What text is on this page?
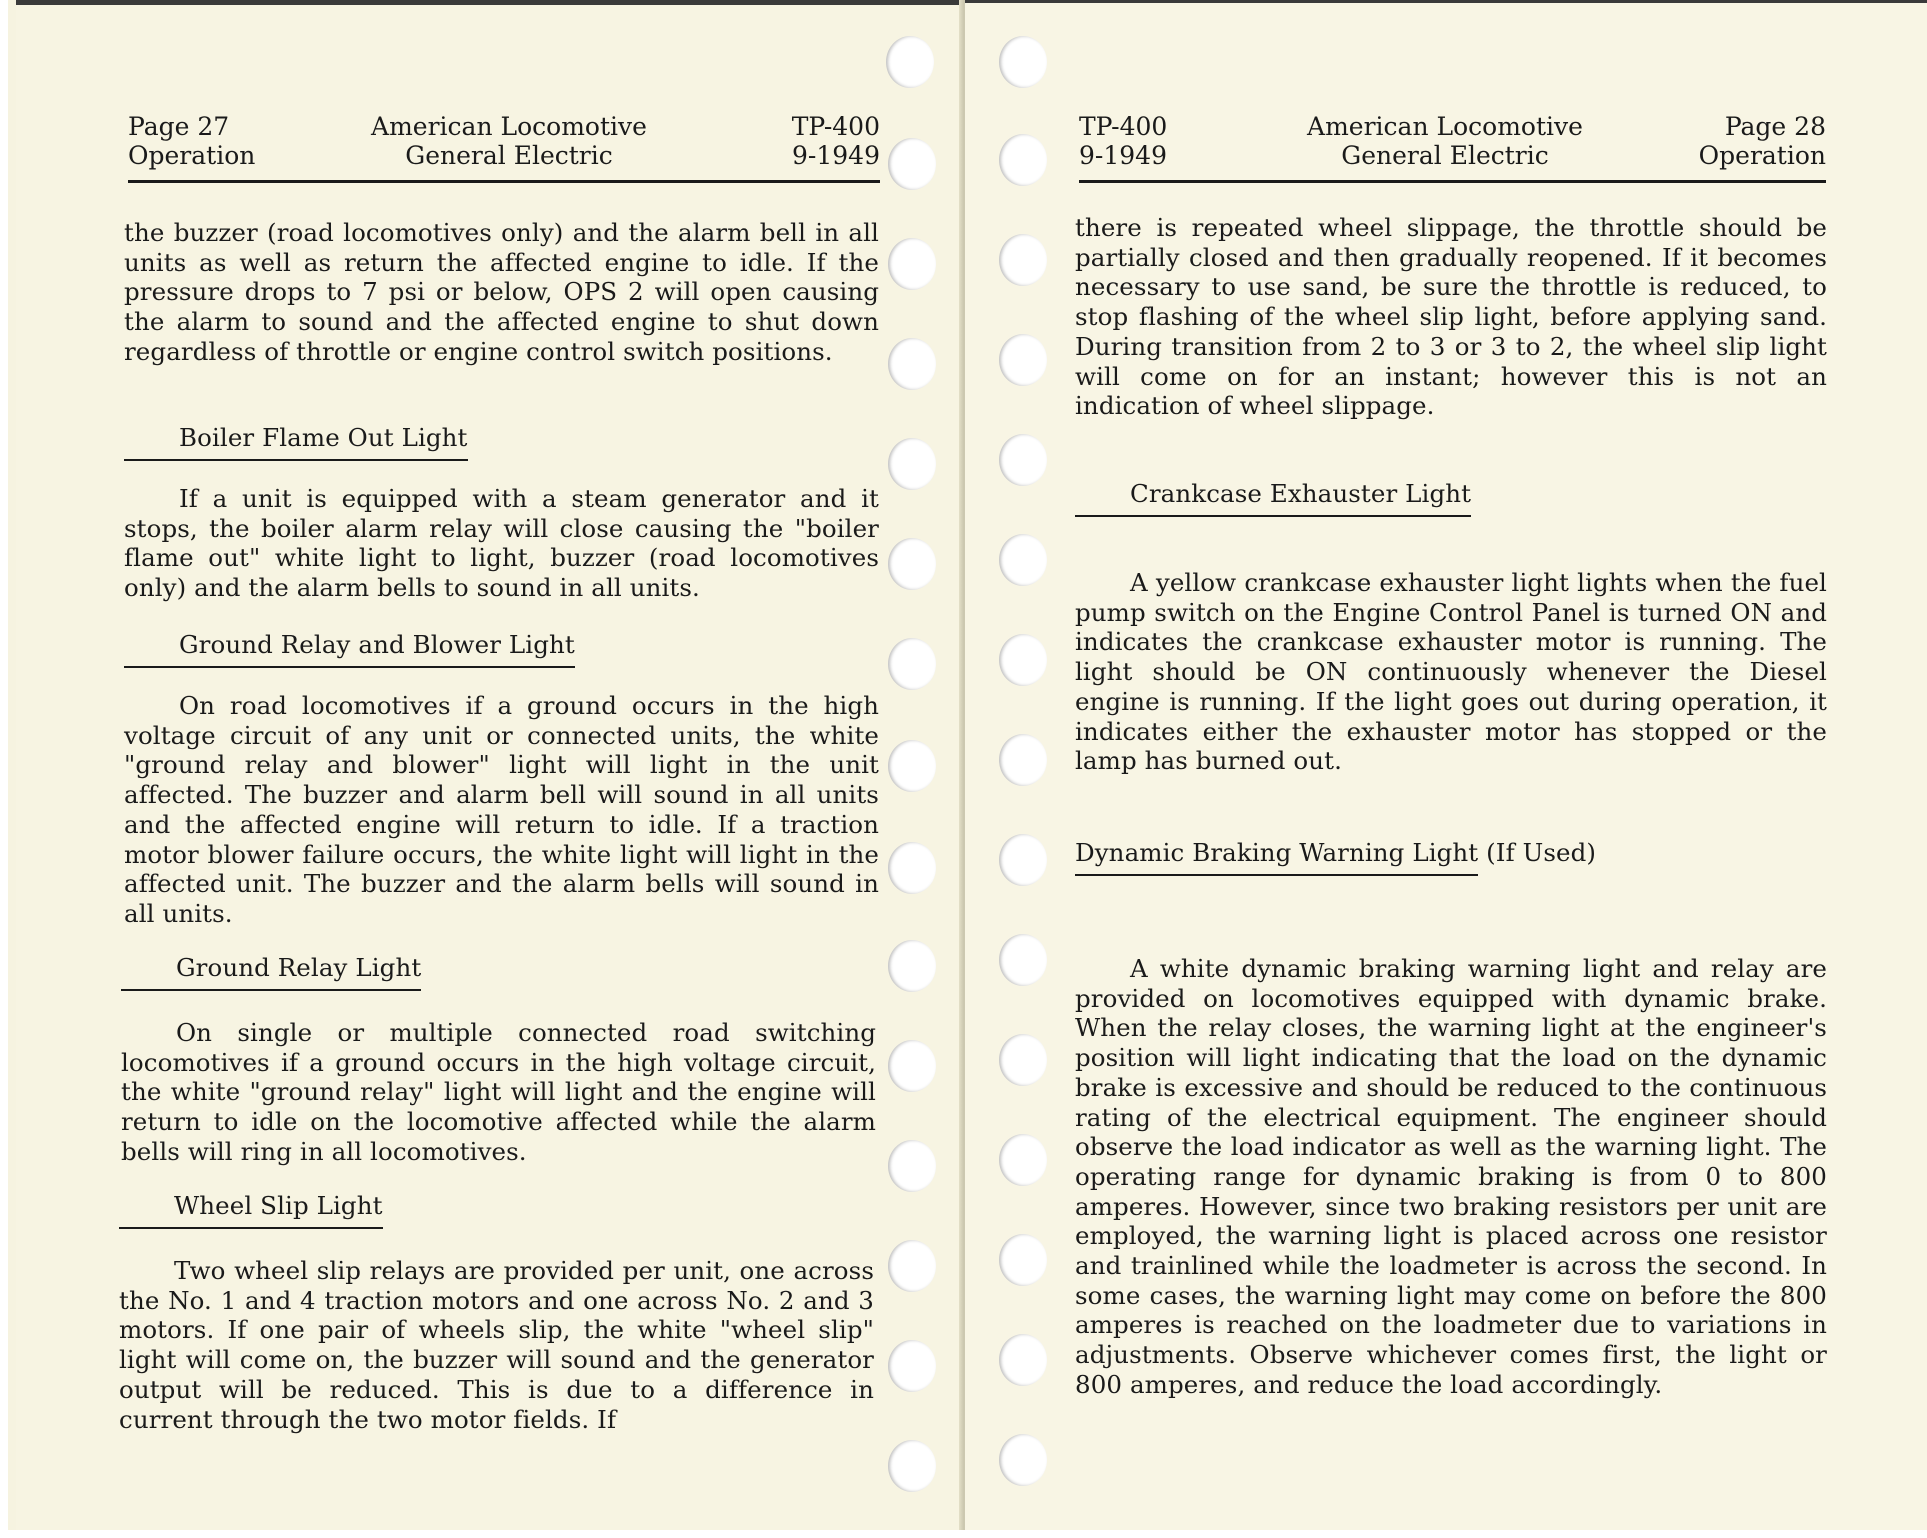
Page 27
Operation
American Locomotive
General Electric
TP-400
9-1949

the buzzer (road locomotives only) and the alarm bell in all units as well as return the affected engine to idle. If the pressure drops to 7 psi or below, OPS 2 will open causing the alarm to sound and the affected engine to shut down regardless of throttle or engine control switch positions.

Boiler Flame Out Light

If a unit is equipped with a steam generator and it stops, the boiler alarm relay will close causing the "boiler flame out" white light to light, buzzer (road locomotives only) and the alarm bells to sound in all units.

Ground Relay and Blower Light

On road locomotives if a ground occurs in the high voltage circuit of any unit or connected units, the white "ground relay and blower" light will light in the unit affected. The buzzer and alarm bell will sound in all units and the affected engine will return to idle. If a traction motor blower failure occurs, the white light will light in the affected unit. The buzzer and the alarm bells will sound in all units.

Ground Relay Light

On single or multiple connected road switching locomotives if a ground occurs in the high voltage circuit, the white "ground relay" light will light and the engine will return to idle on the locomotive affected while the alarm bells will ring in all locomotives.

Wheel Slip Light

Two wheel slip relays are provided per unit, one across the No. 1 and 4 traction motors and one across No. 2 and 3 motors. If one pair of wheels slip, the white "wheel slip" light will come on, the buzzer will sound and the generator output will be reduced. This is due to a difference in current through the two motor fields. If

TP-400
9-1949
American Locomotive
General Electric
Page 28
Operation

there is repeated wheel slippage, the throttle should be partially closed and then gradually reopened. If it becomes necessary to use sand, be sure the throttle is reduced, to stop flashing of the wheel slip light, before applying sand. During transition from 2 to 3 or 3 to 2, the wheel slip light will come on for an instant; however this is not an indication of wheel slippage.

Crankcase Exhauster Light

A yellow crankcase exhauster light lights when the fuel pump switch on the Engine Control Panel is turned ON and indicates the crankcase exhauster motor is running. The light should be ON continuously whenever the Diesel engine is running. If the light goes out during operation, it indicates either the exhauster motor has stopped or the lamp has burned out.

Dynamic Braking Warning Light (If Used)

A white dynamic braking warning light and relay are provided on locomotives equipped with dynamic brake. When the relay closes, the warning light at the engineer's position will light indicating that the load on the dynamic brake is excessive and should be reduced to the continuous rating of the electrical equipment. The engineer should observe the load indicator as well as the warning light. The operating range for dynamic braking is from 0 to 800 amperes. However, since two braking resistors per unit are employed, the warning light is placed across one resistor and trainlined while the loadmeter is across the second. In some cases, the warning light may come on before the 800 amperes is reached on the loadmeter due to variations in adjustments. Observe whichever comes first, the light or 800 amperes, and reduce the load accordingly.
